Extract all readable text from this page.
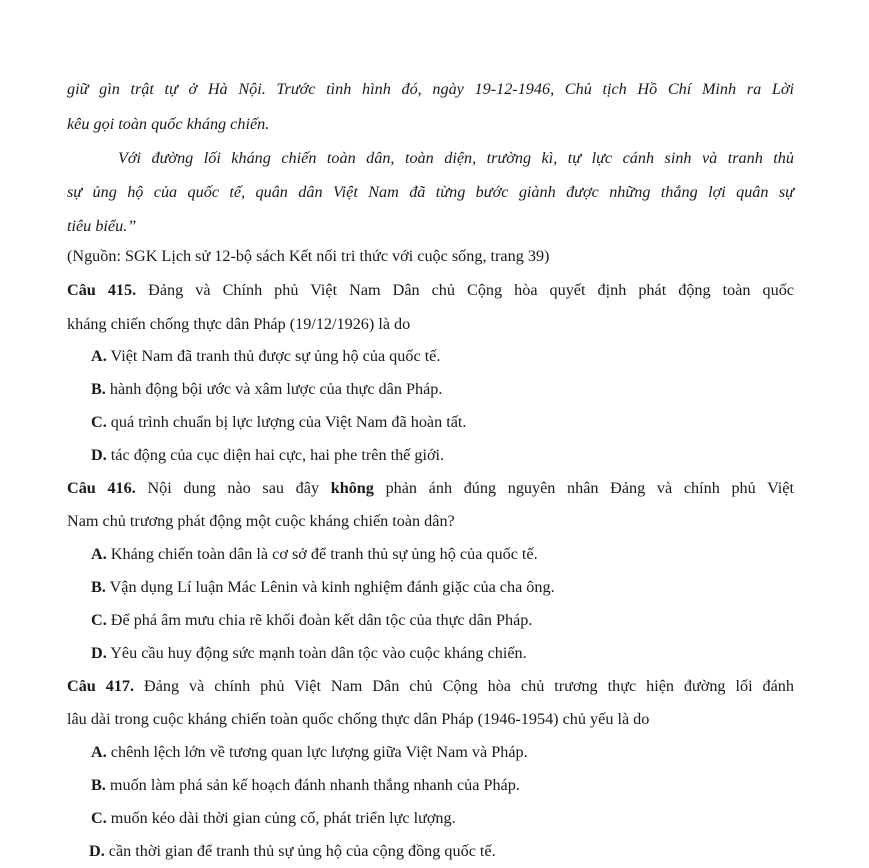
giữ gìn trật tự ở Hà Nội. Trước tình hình đó, ngày 19-12-1946, Chủ tịch Hồ Chí Minh ra Lời
kêu gọi toàn quốc kháng chiến.
Với đường lối kháng chiến toàn dân, toàn diện, trường kì, tự lực cánh sinh và tranh thủ
sự ủng hộ của quốc tế, quân dân Việt Nam đã từng bước giành được những thắng lợi quân sự
tiêu biểu.”
(Nguồn: SGK Lịch sử 12-bộ sách Kết nối tri thức với cuộc sống, trang 39)
Câu 415. Đảng và Chính phủ Việt Nam Dân chủ Cộng hòa quyết định phát động toàn quốc
kháng chiến chống thực dân Pháp (19/12/1926) là do
A. Việt Nam đã tranh thủ được sự ủng hộ của quốc tế.
B. hành động bội ước và xâm lược của thực dân Pháp.
C. quá trình chuẩn bị lực lượng của Việt Nam đã hoàn tất.
D. tác động của cục diện hai cực, hai phe trên thế giới.
Câu 416. Nội dung nào sau đây không phản ánh đúng nguyên nhân Đảng và chính phủ Việt
Nam chủ trương phát động một cuộc kháng chiến toàn dân?
A. Kháng chiến toàn dân là cơ sở để tranh thủ sự ủng hộ của quốc tế.
B. Vận dụng Lí luận Mác Lênin và kinh nghiệm đánh giặc của cha ông.
C. Để phá âm mưu chia rẽ khối đoàn kết dân tộc của thực dân Pháp.
D. Yêu cầu huy động sức mạnh toàn dân tộc vào cuộc kháng chiến.
Câu 417. Đảng và chính phủ Việt Nam Dân chủ Cộng hòa chủ trương thực hiện đường lối đánh
lâu dài trong cuộc kháng chiến toàn quốc chống thực dân Pháp (1946-1954) chủ yếu là do
A. chênh lệch lớn về tương quan lực lượng giữa Việt Nam và Pháp.
B. muốn làm phá sản kế hoạch đánh nhanh thắng nhanh của Pháp.
C. muốn kéo dài thời gian củng cố, phát triển lực lượng.
D. cần thời gian để tranh thủ sự ủng hộ của cộng đồng quốc tế.
